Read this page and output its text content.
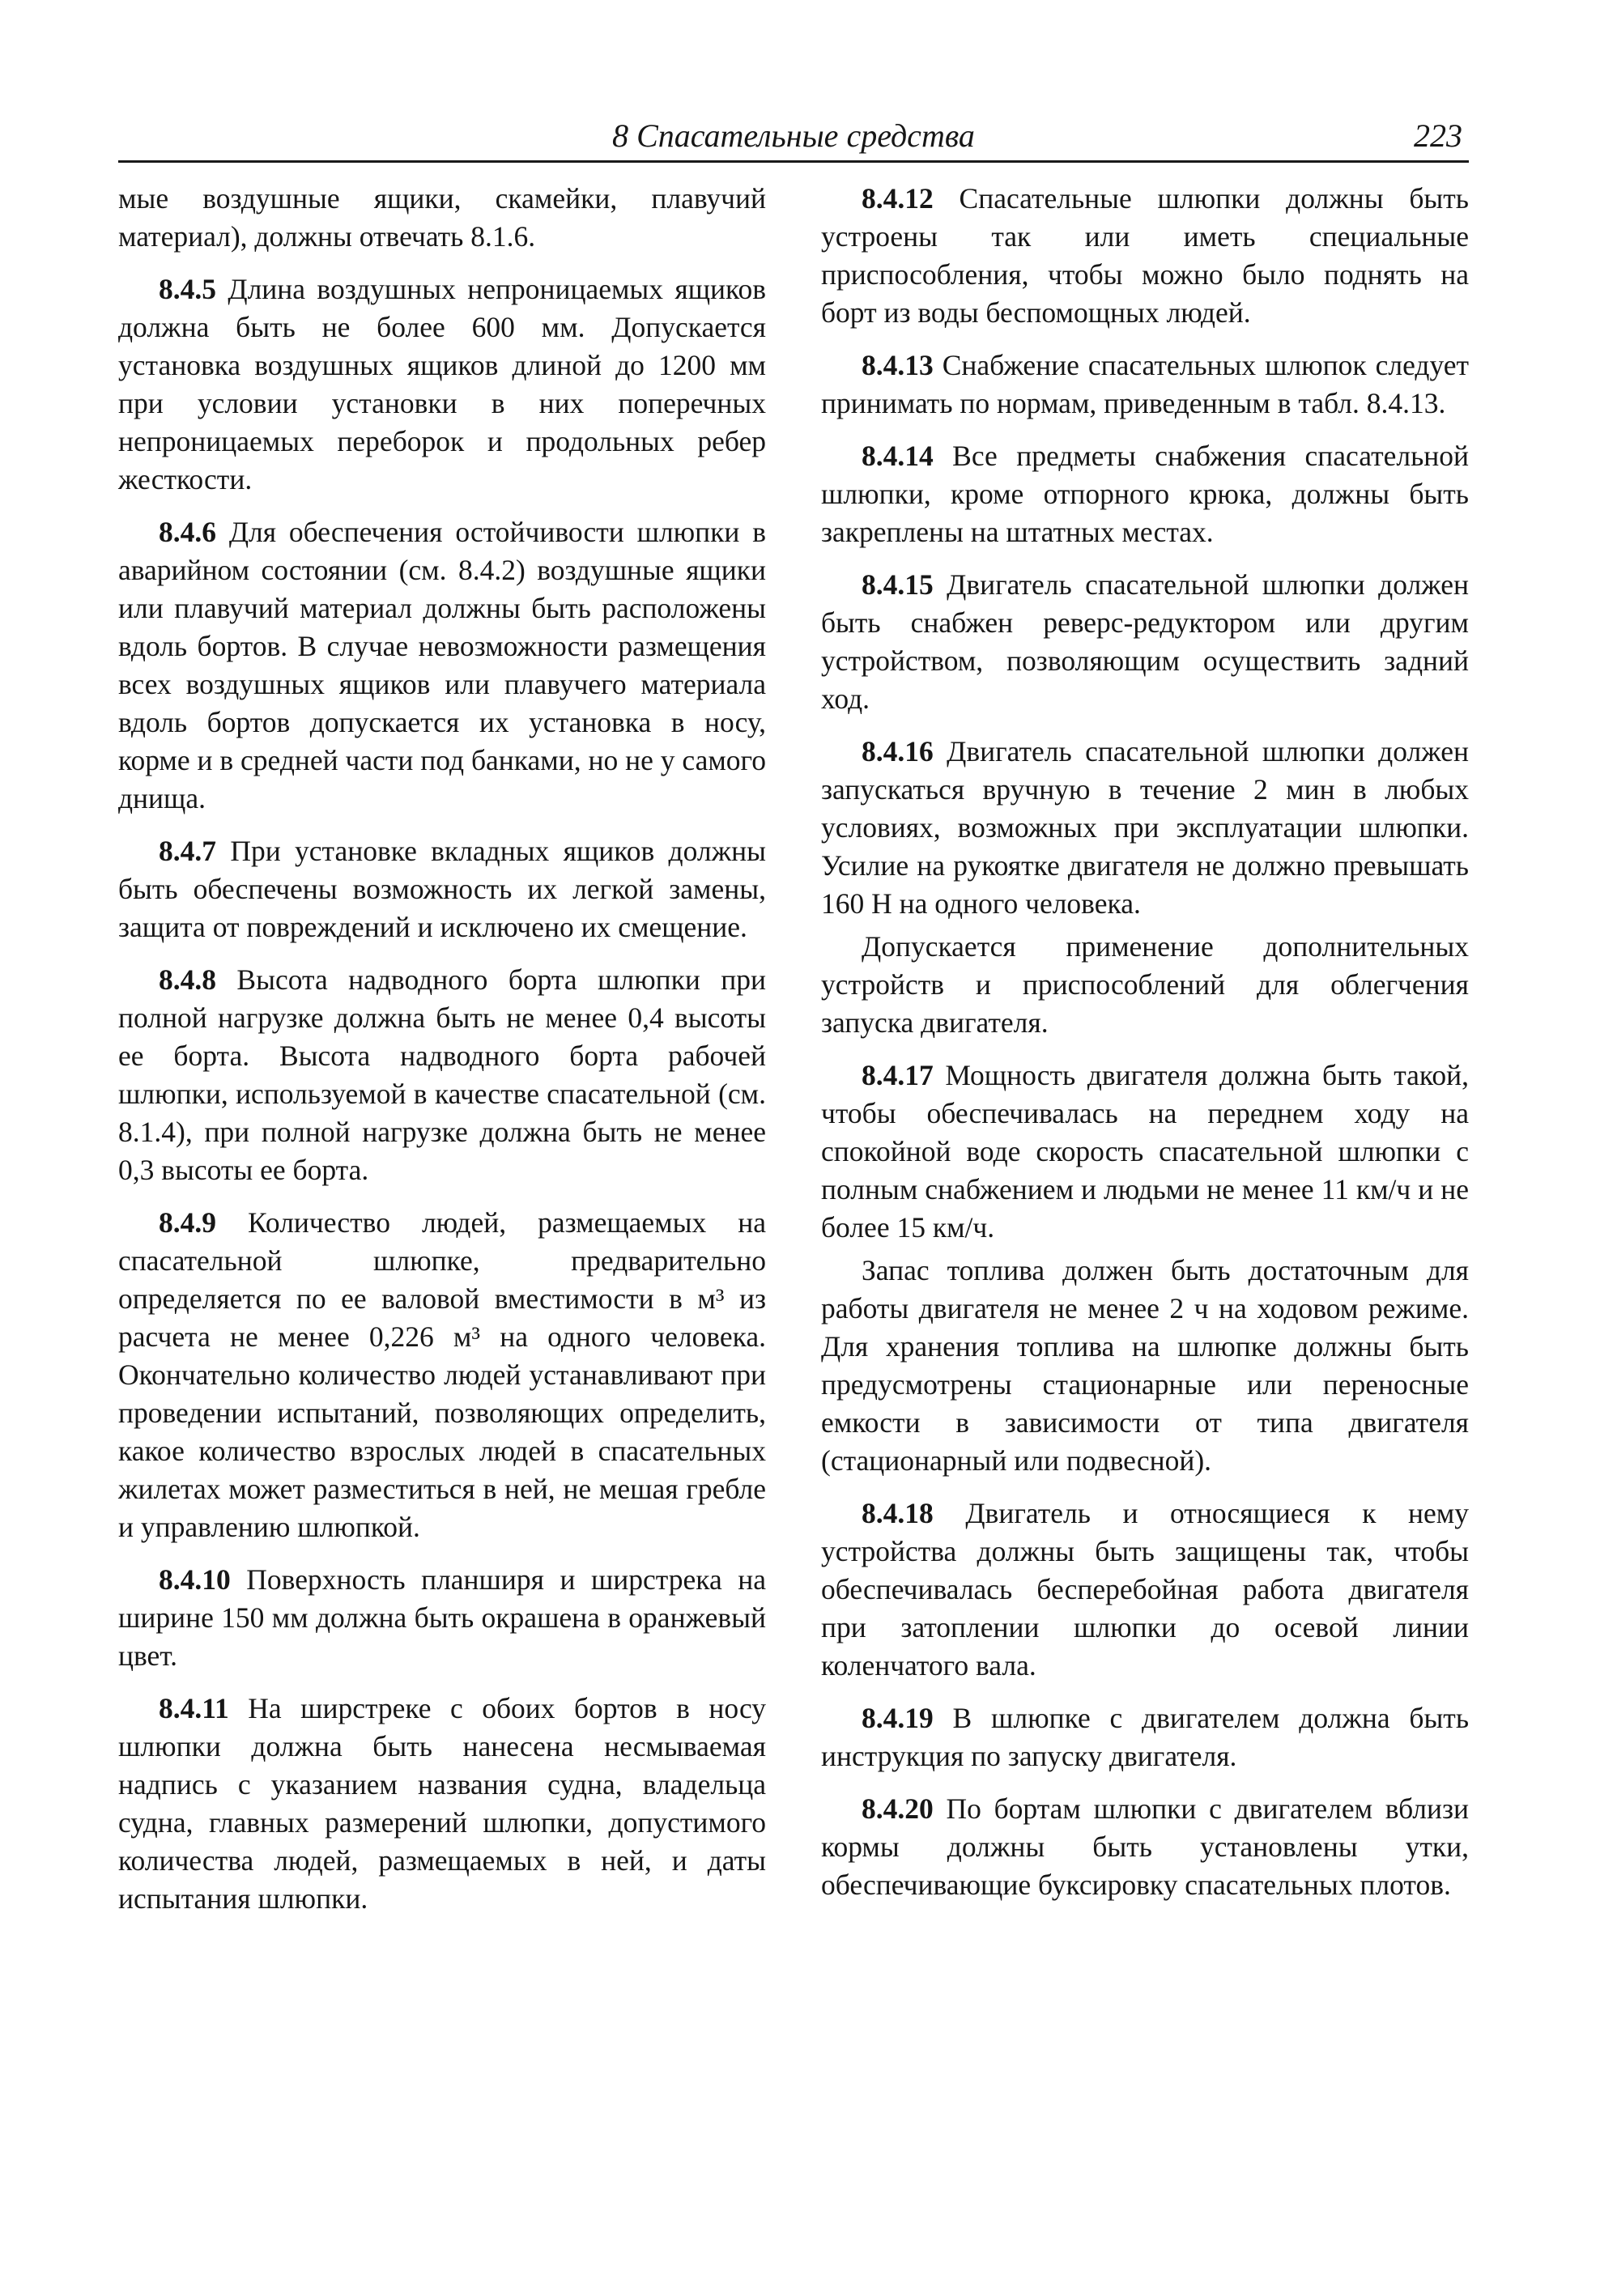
8 Спасательные средства	223

мые воздушные ящики, скамейки, плавучий материал), должны отвечать 8.1.6.

8.4.5 Длина воздушных непроницаемых ящиков должна быть не более 600 мм. Допускается установка воздушных ящиков длиной до 1200 мм при условии установки в них поперечных непроницаемых переборок и продольных ребер жесткости.

8.4.6 Для обеспечения остойчивости шлюпки в аварийном состоянии (см. 8.4.2) воздушные ящики или плавучий материал должны быть расположены вдоль бортов. В случае невозможности размещения всех воздушных ящиков или плавучего материала вдоль бортов допускается их установка в носу, корме и в средней части под банками, но не у самого днища.

8.4.7 При установке вкладных ящиков должны быть обеспечены возможность их легкой замены, защита от повреждений и исключено их смещение.

8.4.8 Высота надводного борта шлюпки при полной нагрузке должна быть не менее 0,4 высоты ее борта. Высота надводного борта рабочей шлюпки, используемой в качестве спасательной (см. 8.1.4), при полной нагрузке должна быть не менее 0,3 высоты ее борта.

8.4.9 Количество людей, размещаемых на спасательной шлюпке, предварительно определяется по ее валовой вместимости в м³ из расчета не менее 0,226 м³ на одного человека. Окончательно количество людей устанавливают при проведении испытаний, позволяющих определить, какое количество взрослых людей в спасательных жилетах может разместиться в ней, не мешая гребле и управлению шлюпкой.

8.4.10 Поверхность планширя и ширстрека на ширине 150 мм должна быть окрашена в оранжевый цвет.

8.4.11 На ширстреке с обоих бортов в носу шлюпки должна быть нанесена несмываемая надпись с указанием названия судна, владельца судна, главных размерений шлюпки, допустимого количества людей, размещаемых в ней, и даты испытания шлюпки.

8.4.12 Спасательные шлюпки должны быть устроены так или иметь специальные приспособления, чтобы можно было поднять на борт из воды беспомощных людей.

8.4.13 Снабжение спасательных шлюпок следует принимать по нормам, приведенным в табл. 8.4.13.

8.4.14 Все предметы снабжения спасательной шлюпки, кроме отпорного крюка, должны быть закреплены на штатных местах.

8.4.15 Двигатель спасательной шлюпки должен быть снабжен реверс-редуктором или другим устройством, позволяющим осуществить задний ход.

8.4.16 Двигатель спасательной шлюпки должен запускаться вручную в течение 2 мин в любых условиях, возможных при эксплуатации шлюпки. Усилие на рукоятке двигателя не должно превышать 160 Н на одного человека.

Допускается применение дополнительных устройств и приспособлений для облегчения запуска двигателя.

8.4.17 Мощность двигателя должна быть такой, чтобы обеспечивалась на переднем ходу на спокойной воде скорость спасательной шлюпки с полным снабжением и людьми не менее 11 км/ч и не более 15 км/ч.

Запас топлива должен быть достаточным для работы двигателя не менее 2 ч на ходовом режиме. Для хранения топлива на шлюпке должны быть предусмотрены стационарные или переносные емкости в зависимости от типа двигателя (стационарный или подвесной).

8.4.18 Двигатель и относящиеся к нему устройства должны быть защищены так, чтобы обеспечивалась бесперебойная работа двигателя при затоплении шлюпки до осевой линии коленчатого вала.

8.4.19 В шлюпке с двигателем должна быть инструкция по запуску двигателя.

8.4.20 По бортам шлюпки с двигателем вблизи кормы должны быть установлены утки, обеспечивающие буксировку спасательных плотов.
